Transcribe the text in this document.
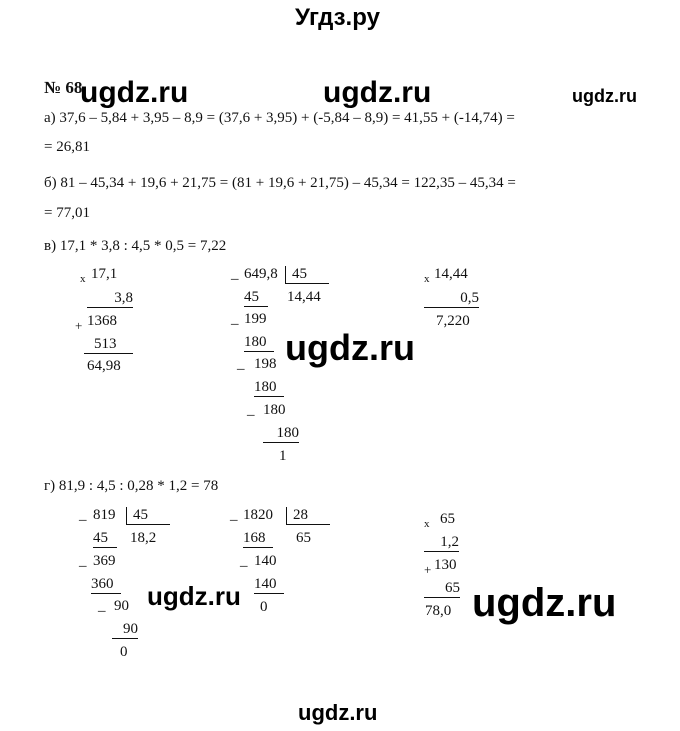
Угдз.ру
№ 68
ugdz.ru	ugdz.ru	ugdz.ru
ugdz.ru
ugdz.ru	ugdz.ru
ugdz.ru
а) 37,6 – 5,84 + 3,95 – 8,9 = (37,6 + 3,95) + (-5,84 – 8,9) = 41,55 + (-14,74) =
= 26,81
б) 81 – 45,34 + 19,6 + 21,75 = (81 + 19,6 + 21,75) – 45,34 = 122,35 – 45,34 =
= 77,01
в) 17,1 * 3,8 : 4,5 * 0,5 = 7,22
г) 81,9 : 4,5 : 0,28 * 1,2 = 78
х 17,1
3,8
+ 1368
513
64,98
_ 649,8 45
14,44
45
_ 199
180
_ 198
180
_ 180
180
1
х 14,44
0,5
7,220
_ 819	45
18,2
45
_ 369
360
_ 90
90
0
_ 1820	28
65
168
_ 140
140
0
х 65
1,2
+ 130
65
78,0
